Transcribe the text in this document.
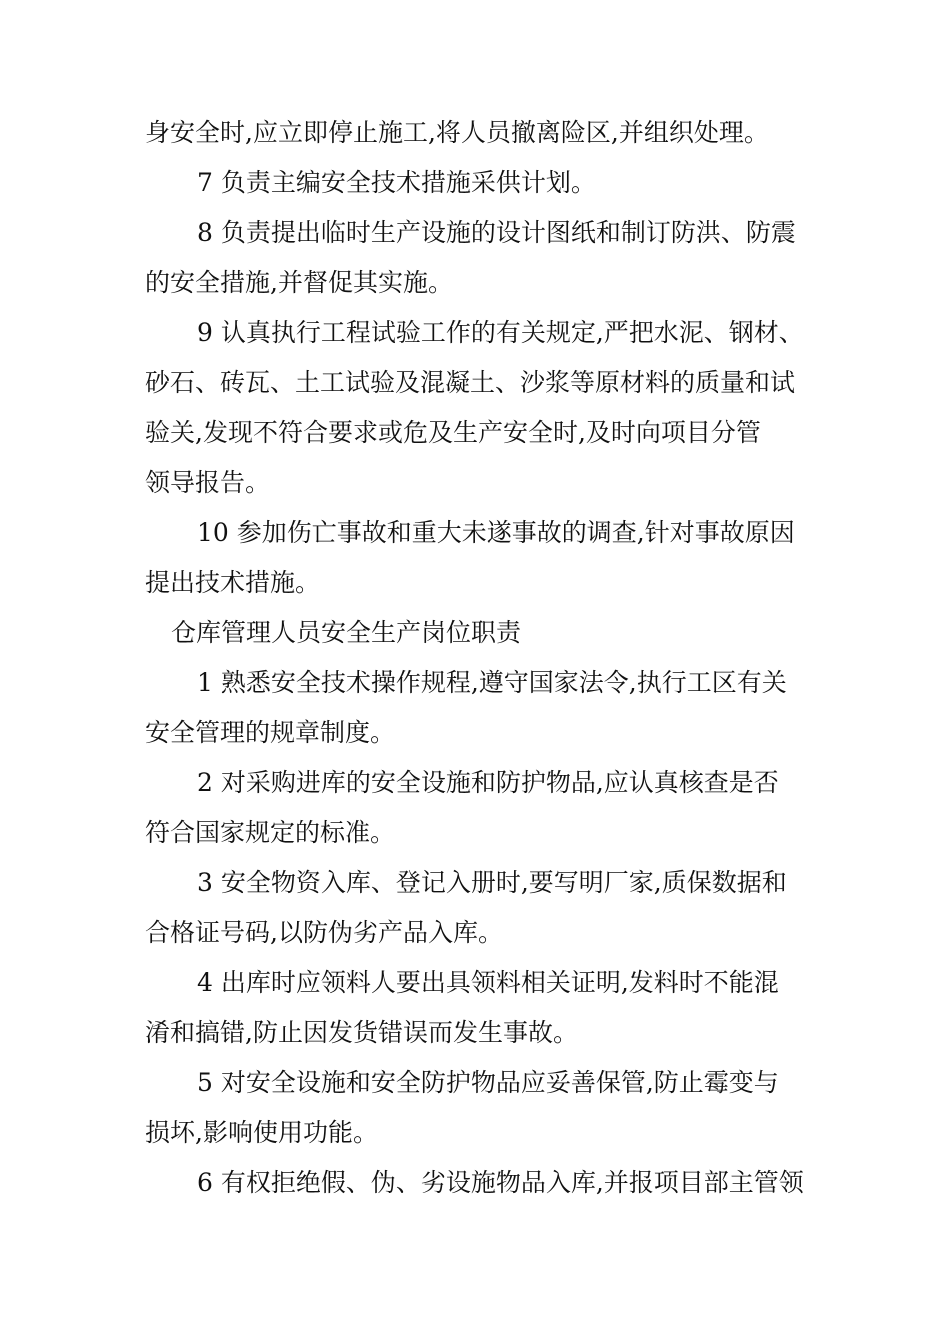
身安全时,应立即停止施工,将人员撤离险区,并组织处理。
7 负责主编安全技术措施采供计划。
8 负责提出临时生产设施的设计图纸和制订防洪、防震
的安全措施,并督促其实施。
9 认真执行工程试验工作的有关规定,严把水泥、钢材、
砂石、砖瓦、土工试验及混凝土、沙浆等原材料的质量和试
验关,发现不符合要求或危及生产安全时,及时向项目分管
领导报告。
10 参加伤亡事故和重大未遂事故的调查,针对事故原因
提出技术措施。
仓库管理人员安全生产岗位职责
1 熟悉安全技术操作规程,遵守国家法令,执行工区有关
安全管理的规章制度。
2 对采购进库的安全设施和防护物品,应认真核查是否
符合国家规定的标准。
3 安全物资入库、登记入册时,要写明厂家,质保数据和
合格证号码,以防伪劣产品入库。
4 出库时应领料人要出具领料相关证明,发料时不能混
淆和搞错,防止因发货错误而发生事故。
5 对安全设施和安全防护物品应妥善保管,防止霉变与
损坏,影响使用功能。
6 有权拒绝假、伪、劣设施物品入库,并报项目部主管领
